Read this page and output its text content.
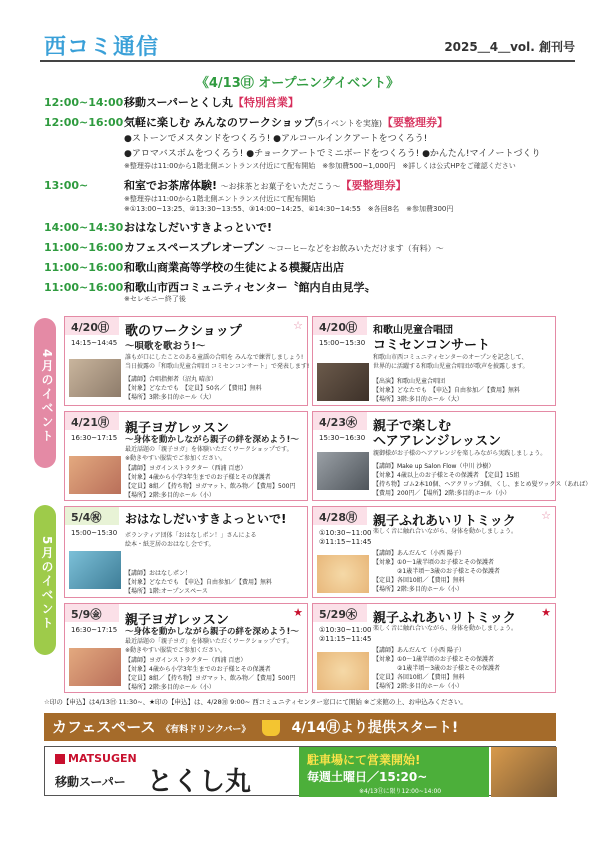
西コミ通信	2025＿4＿vol. 創刊号
《4/13㊐ オープニングイベント》
12:00~14:00移動スーパーとくし丸【特別営業】
12:00~16:00気軽に楽しむ みんなのワークショップ(5イベントを実施)【要整理券】
●ストーンでメスタンドをつくろう! ●アルコールインクアートをつくろう!
●アロマバスボムをつくろう! ●チョークアートでミニボードをつくろう! ●かんたん!マイノートづくり
※整理券は11:00から1階北側エントランス付近にて配布開始　※参加費500~1,000円　※詳しくは公式HPをご確認ください
13:00~	和室でお茶席体験! ～お抹茶とお菓子をいただこう～【要整理券】
※整理券は11:00から1階北側エントランス付近にて配布開始
※①13:00~13:25、②13:30~13:55、③14:00~14:25、④14:30~14:55　※各回8名　※参加費300円
14:00~14:30おはなしだいすきよっといで!
11:00~16:00カフェスペースプレオープン ～コーヒーなどをお飲みいただけます（有料）～
11:00~16:00和歌山商業高等学校の生徒による模擬店出店
11:00~16:00和歌山市西コミュニティセンター〝館内自由見学〟
※セレモニー終了後
4月のイベント
5月のイベント
4/20㊐
14:15~14:45
歌のワークショップ	☆
～唄歌を歌おう!～
誰もが口にしたことのある童謡の合唱を みんなで練習しましょう!
当日披露の「和歌山児童合唱団 コミセンコンサート」で発表します!
【講師】合唱指揮者（沼丸 晴彦）
【対象】どなたでも　【定員】50名／【費用】無料
【場所】3階:多目的ホール（大）
4/20㊐
15:00~15:30
和歌山児童合唱団
コミセンコンサート
和歌山市西コミュニティセンターのオープンを記念して、
世界的に活躍する和歌山児童合唱団が歌声を披露します。
【出演】和歌山児童合唱団
【対象】どなたでも　【申込】自由参加／【費用】無料
【場所】3階:多目的ホール（大）
4/21㊊
16:30~17:15
親子ヨガレッスン
～身体を動かしながら親子の絆を深めよう!～
最近話題の「親子ヨガ」を体験いただくワークショップです。
※動きやすい服装でご参加ください。
【講師】ヨガインストラクター（西浦 百恵）
【対象】4歳から小学3年生までのお子様とその保護者
【定員】8組／【持ち物】ヨガマット、飲み物／【費用】500円
【場所】2階:多目的ホール（小）
4/23㊌
15:30~16:30
親子で楽しむ
ヘアアレンジレッスン
親御様がお子様のヘアアレンジを楽しみながら実践しましょう。
【講師】Make up Salon Flow（中川 沙樹）
【対象】4歳以上のお子様とその保護者　【定員】15組
【持ち物】ゴム2本10個、ヘアクリップ3個、くし、まとめ髪ワックス（あれば）
【費用】200円／【場所】2階:多目的ホール（小）
5/4㊗
15:00~15:30
おはなしだいすきよっといで!
ボランティア団体「おはなしポン！」さんによる
絵本・紙芝居のおはなし会です。
【講師】おはなしポン！
【対象】どなたでも　【申込】自由参加／【費用】無料
【場所】1階:オープンスペース
4/28㊊
①10:30~11:00
②11:15~11:45
親子ふれあいリトミック ☆
楽しく音に触れ合いながら、身体を動かしましょう。
【講師】あんだんて（小西 陽子）
【対象】①0～1歳半頃のお子様とその保護者
　　　　②1歳半頃～3歳のお子様とその保護者
【定員】各回10組／【費用】無料
【場所】2階:多目的ホール（小）
5/9㊎
16:30~17:15
親子ヨガレッスン
★
～身体を動かしながら親子の絆を深めよう!～
最近話題の「親子ヨガ」を体験いただくワークショップです。
※動きやすい服装でご参加ください。
【講師】ヨガインストラクター（西浦 百恵）
【対象】4歳から小学3年生までのお子様とその保護者
【定員】8組／【持ち物】ヨガマット、飲み物／【費用】500円
【場所】2階:多目的ホール（小）
5/29㊍
①10:30~11:00
②11:15~11:45
親子ふれあいリトミック ★
楽しく音に触れ合いながら、身体を動かしましょう。
【講師】あんだんて（小西 陽子）
【対象】①0～1歳半頃のお子様とその保護者
　　　　②1歳半頃～3歳のお子様とその保護者
【定員】各回10組／【費用】無料
【場所】2階:多目的ホール（小）
☆印の【申込】は4/13㊐ 11:30~、★印の【申込】は、4/28㊊ 9:00~ 西コミュニティセンター窓口にて開始 ※ご来館の上、お申込みください。
カフェスペース 《有料ドリンクバー》	4/14㊊より提供スタート!
MATSUGEN
移動スーパー とくし丸
駐車場にて営業開始!
毎週土曜日／15:20~
※4/13㊐に限り12:00~14:00
